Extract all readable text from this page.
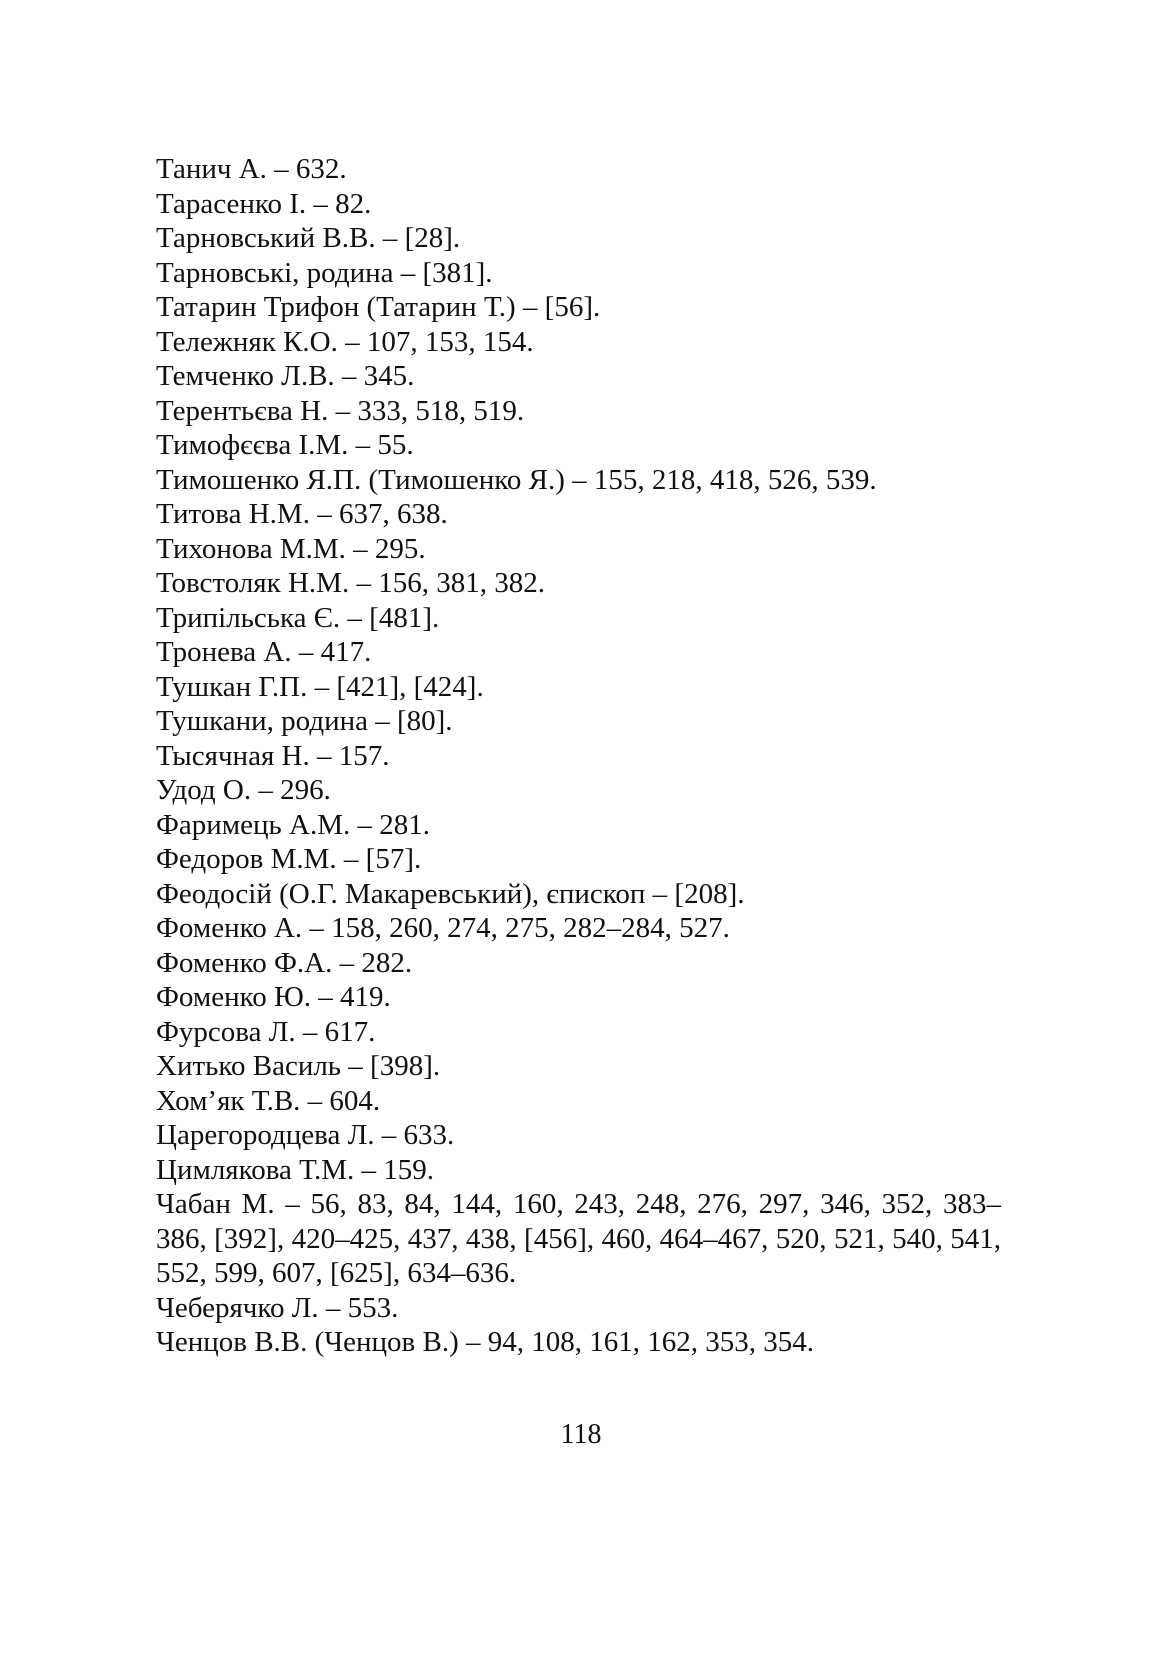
Танич А. – 632.
Тарасенко І. – 82.
Тарновський В.В. – [28].
Тарновські, родина – [381].
Татарин Трифон (Татарин Т.) – [56].
Тележняк К.О. – 107, 153, 154.
Темченко Л.В. – 345.
Терентьєва Н. – 333, 518, 519.
Тимофєєва І.М. – 55.
Тимошенко Я.П. (Тимошенко Я.) – 155, 218, 418, 526, 539.
Титова Н.М. – 637, 638.
Тихонова М.М. – 295.
Товстоляк Н.М. – 156, 381, 382.
Трипільська Є. – [481].
Тронева А. – 417.
Тушкан Г.П. – [421], [424].
Тушкани, родина – [80].
Тысячная Н. – 157.
Удод О. – 296.
Фаримець А.М. – 281.
Федоров М.М. – [57].
Феодосій (О.Г. Макаревський), єпископ – [208].
Фоменко А. – 158, 260, 274, 275, 282–284, 527.
Фоменко Ф.А. – 282.
Фоменко Ю. – 419.
Фурсова Л. – 617.
Хитько Василь – [398].
Хом’як Т.В. – 604.
Царегородцева Л. – 633.
Цимлякова Т.М. – 159.
Чабан М. – 56, 83, 84, 144, 160, 243, 248, 276, 297, 346, 352, 383–386, [392], 420–425, 437, 438, [456], 460, 464–467, 520, 521, 540, 541, 552, 599, 607, [625], 634–636.
Чеберячко Л. – 553.
Ченцов В.В. (Ченцов В.) – 94, 108, 161, 162, 353, 354.
118
